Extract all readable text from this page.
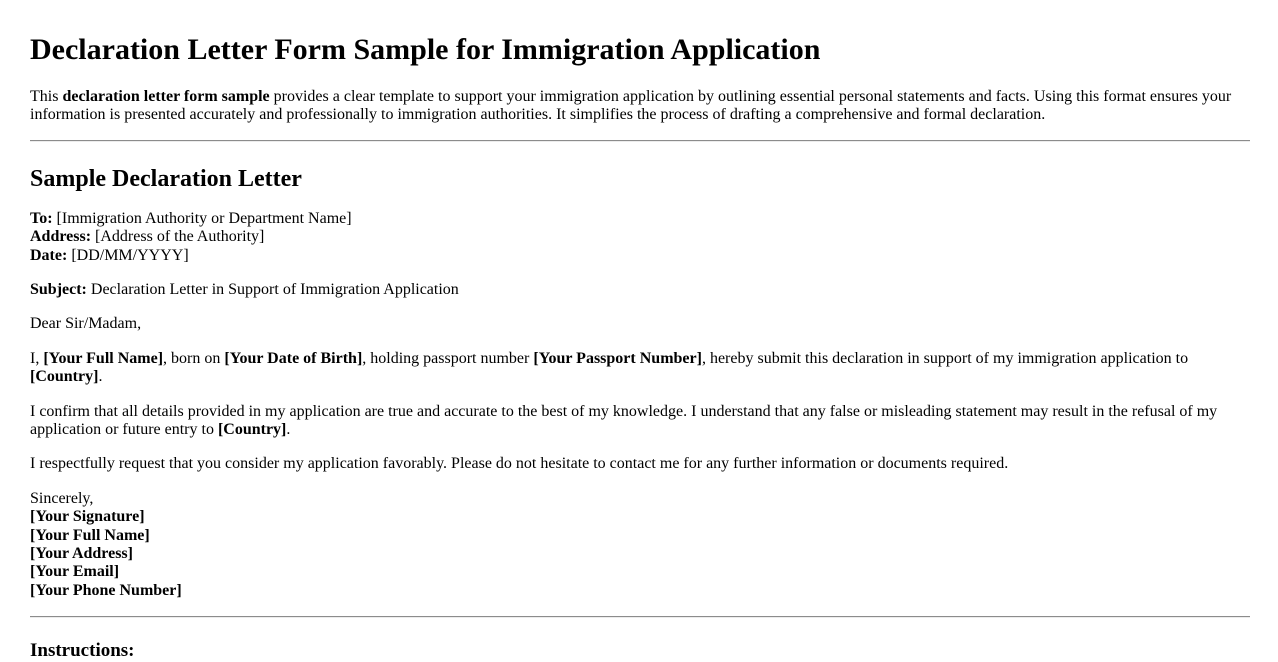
Declaration Letter Form Sample for Immigration Application

This declaration letter form sample provides a clear template to support your immigration application by outlining essential personal statements and facts. Using this format ensures your information is presented accurately and professionally to immigration authorities. It simplifies the process of drafting a comprehensive and formal declaration.

Sample Declaration Letter

To: [Immigration Authority or Department Name]
Address: [Address of the Authority]
Date: [DD/MM/YYYY]

Subject: Declaration Letter in Support of Immigration Application

Dear Sir/Madam,

I, [Your Full Name], born on [Your Date of Birth], holding passport number [Your Passport Number], hereby submit this declaration in support of my immigration application to [Country].

I confirm that all details provided in my application are true and accurate to the best of my knowledge. I understand that any false or misleading statement may result in the refusal of my application or future entry to [Country].

I respectfully request that you consider my application favorably. Please do not hesitate to contact me for any further information or documents required.

Sincerely,
[Your Signature]
[Your Full Name]
[Your Address]
[Your Email]
[Your Phone Number]

Instructions:
